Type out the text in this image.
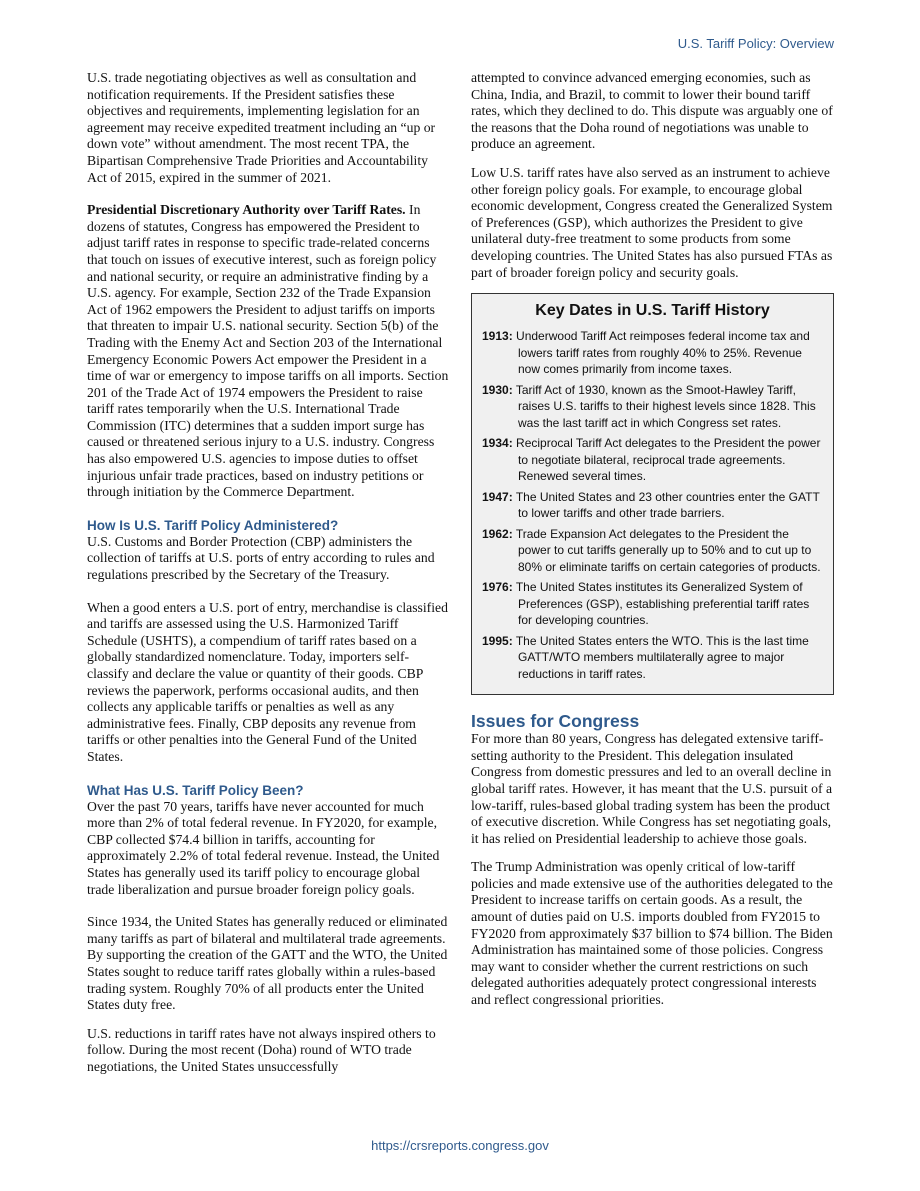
U.S. Tariff Policy: Overview

U.S. trade negotiating objectives as well as consultation and notification requirements. If the President satisfies these objectives and requirements, implementing legislation for an agreement may receive expedited treatment including an “up or down vote” without amendment. The most recent TPA, the Bipartisan Comprehensive Trade Priorities and Accountability Act of 2015, expired in the summer of 2021.

Presidential Discretionary Authority over Tariff Rates. In dozens of statutes, Congress has empowered the President to adjust tariff rates in response to specific trade-related concerns that touch on issues of executive interest, such as foreign policy and national security, or require an administrative finding by a U.S. agency. For example, Section 232 of the Trade Expansion Act of 1962 empowers the President to adjust tariffs on imports that threaten to impair U.S. national security. Section 5(b) of the Trading with the Enemy Act and Section 203 of the International Emergency Economic Powers Act empower the President in a time of war or emergency to impose tariffs on all imports. Section 201 of the Trade Act of 1974 empowers the President to raise tariff rates temporarily when the U.S. International Trade Commission (ITC) determines that a sudden import surge has caused or threatened serious injury to a U.S. industry. Congress has also empowered U.S. agencies to impose duties to offset injurious unfair trade practices, based on industry petitions or through initiation by the Commerce Department.

How Is U.S. Tariff Policy Administered?

U.S. Customs and Border Protection (CBP) administers the collection of tariffs at U.S. ports of entry according to rules and regulations prescribed by the Secretary of the Treasury.

When a good enters a U.S. port of entry, merchandise is classified and tariffs are assessed using the U.S. Harmonized Tariff Schedule (USHTS), a compendium of tariff rates based on a globally standardized nomenclature. Today, importers self-classify and declare the value or quantity of their goods. CBP reviews the paperwork, performs occasional audits, and then collects any applicable tariffs or penalties as well as any administrative fees. Finally, CBP deposits any revenue from tariffs or other penalties into the General Fund of the United States.

What Has U.S. Tariff Policy Been?

Over the past 70 years, tariffs have never accounted for much more than 2% of total federal revenue. In FY2020, for example, CBP collected $74.4 billion in tariffs, accounting for approximately 2.2% of total federal revenue. Instead, the United States has generally used its tariff policy to encourage global trade liberalization and pursue broader foreign policy goals.

Since 1934, the United States has generally reduced or eliminated many tariffs as part of bilateral and multilateral trade agreements. By supporting the creation of the GATT and the WTO, the United States sought to reduce tariff rates globally within a rules-based trading system. Roughly 70% of all products enter the United States duty free.

U.S. reductions in tariff rates have not always inspired others to follow. During the most recent (Doha) round of WTO trade negotiations, the United States unsuccessfully

attempted to convince advanced emerging economies, such as China, India, and Brazil, to commit to lower their bound tariff rates, which they declined to do. This dispute was arguably one of the reasons that the Doha round of negotiations was unable to produce an agreement.

Low U.S. tariff rates have also served as an instrument to achieve other foreign policy goals. For example, to encourage global economic development, Congress created the Generalized System of Preferences (GSP), which authorizes the President to give unilateral duty-free treatment to some products from some developing countries. The United States has also pursued FTAs as part of broader foreign policy and security goals.

Key Dates in U.S. Tariff History
1913: Underwood Tariff Act reimposes federal income tax and lowers tariff rates from roughly 40% to 25%. Revenue now comes primarily from income taxes.
1930: Tariff Act of 1930, known as the Smoot-Hawley Tariff, raises U.S. tariffs to their highest levels since 1828. This was the last tariff act in which Congress set rates.
1934: Reciprocal Tariff Act delegates to the President the power to negotiate bilateral, reciprocal trade agreements. Renewed several times.
1947: The United States and 23 other countries enter the GATT to lower tariffs and other trade barriers.
1962: Trade Expansion Act delegates to the President the power to cut tariffs generally up to 50% and to cut up to 80% or eliminate tariffs on certain categories of products.
1976: The United States institutes its Generalized System of Preferences (GSP), establishing preferential tariff rates for developing countries.
1995: The United States enters the WTO. This is the last time GATT/WTO members multilaterally agree to major reductions in tariff rates.
Issues for Congress

For more than 80 years, Congress has delegated extensive tariff-setting authority to the President. This delegation insulated Congress from domestic pressures and led to an overall decline in global tariff rates. However, it has meant that the U.S. pursuit of a low-tariff, rules-based global trading system has been the product of executive discretion. While Congress has set negotiating goals, it has relied on Presidential leadership to achieve those goals.

The Trump Administration was openly critical of low-tariff policies and made extensive use of the authorities delegated to the President to increase tariffs on certain goods. As a result, the amount of duties paid on U.S. imports doubled from FY2015 to FY2020 from approximately $37 billion to $74 billion. The Biden Administration has maintained some of those policies. Congress may want to consider whether the current restrictions on such delegated authorities adequately protect congressional interests and reflect congressional priorities.

https://crsreports.congress.gov
